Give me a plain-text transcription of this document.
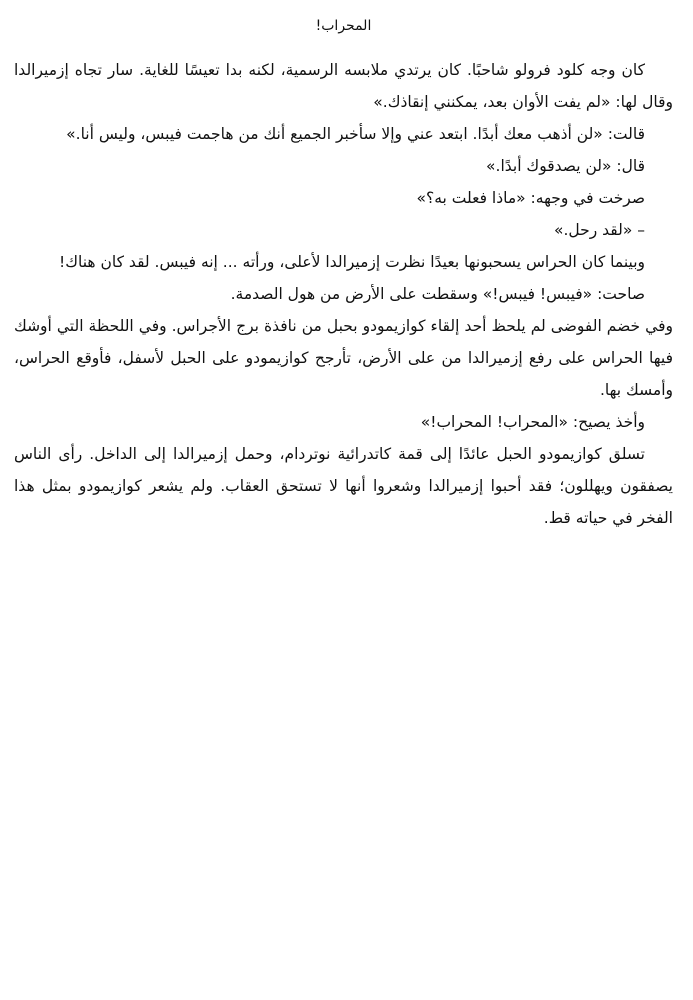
المحراب!

كان وجه كلود فرولو شاحبًا. كان يرتدي ملابسه الرسمية، لكنه بدا تعيسًا للغاية. سار تجاه إزميرالدا وقال لها: «لم يفت الأوان بعد، يمكنني إنقاذك.»

قالت: «لن أذهب معك أبدًا. ابتعد عني وإلا سأخبر الجميع أنك من هاجمت فيبس، وليس أنا.»

قال: «لن يصدقوك أبدًا.»

صرخت في وجهه: «ماذا فعلت به؟»

– «لقد رحل.»

وبينما كان الحراس يسحبونها بعيدًا نظرت إزميرالدا لأعلى، ورأته ... إنه فيبس. لقد كان هناك!

صاحت: «فيبس! فيبس!» وسقطت على الأرض من هول الصدمة.

وفي خضم الفوضى لم يلحظ أحد إلقاء كوازيمودو بحبل من نافذة برج الأجراس. وفي اللحظة التي أوشك فيها الحراس على رفع إزميرالدا من على الأرض، تأرجح كوازيمودو على الحبل لأسفل، فأوقع الحراس، وأمسك بها.

وأخذ يصيح: «المحراب! المحراب!»

تسلق كوازيمودو الحبل عائدًا إلى قمة كاتدرائية نوتردام، وحمل إزميرالدا إلى الداخل. رأى الناس يصفقون ويهللون؛ فقد أحبوا إزميرالدا وشعروا أنها لا تستحق العقاب. ولم يشعر كوازيمودو بمثل هذا الفخر في حياته قط.
